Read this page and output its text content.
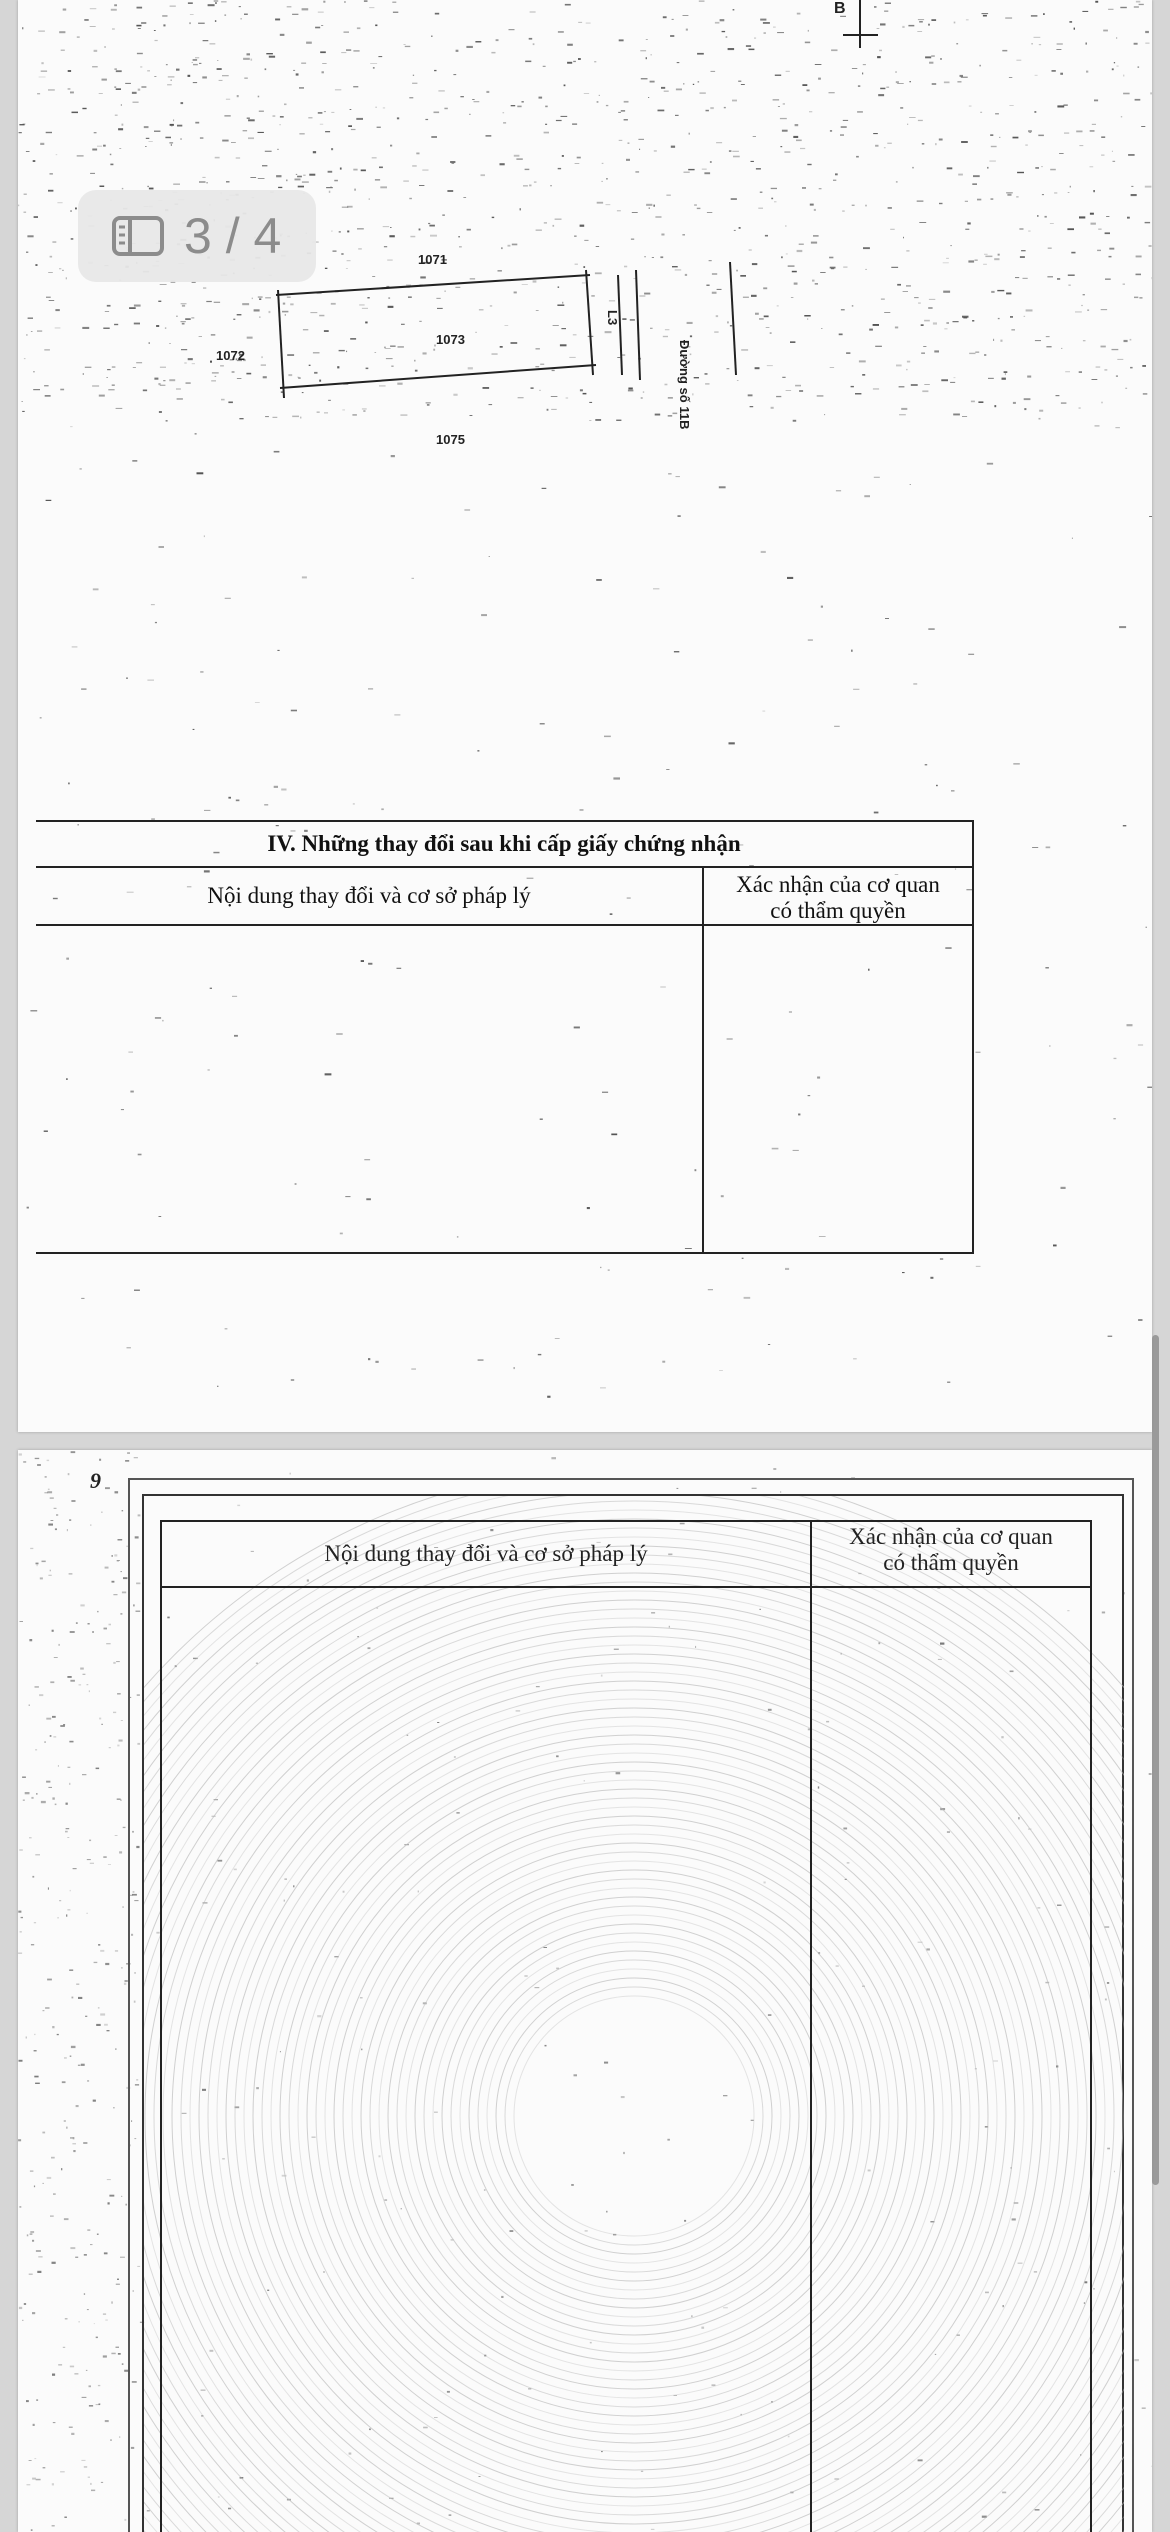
B
1071
1072
1073
1075
L3
Đường số 11B
IV. Những thay đổi sau khi cấp giấy chứng nhận
Nội dung thay đổi và cơ sở pháp lý	Xác nhận của cơ quan
có thẩm quyền
3 / 4
9
Nội dung thay đổi và cơ sở pháp lý
Xác nhận của cơ quan
có thẩm quyền
